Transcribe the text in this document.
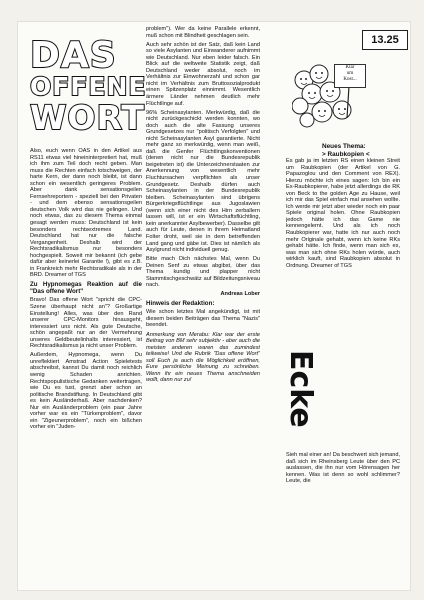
13.25
DAS
OFFENE
WORT

Also, euch wenn OAS in den Artikel aus RS11 etwas viel hineininterpretiert hat, muß ich ihm zum Teil doch recht geben. Man muss die Rechten einfach totschweigen, der harte Kern, der dann noch bleibt, ist dann schon ein wesentlich geringeres Problem. Aber dank sensationsgeilen Fernsehreportern - speziell bei den Privaten - und dem ebenso sensationsgeilen deutschen Volk wird das nie gelingen. Und noch etwas, das zu diesem Thema einmal gesagt werden muss: Deutschland ist kein besonders rechtsextremes Land. Deutschland hat nur die falsche Vergangenheit. Deshalb wird der Rechtsradikalismus nur besonders hochgespielt. Soweit mir bekannt (ich gebe dafür aber keinerlei Garantie !), gibt es z.B. in Frankreich mehr Rechtsradikale als in der BRD. Dreamer of TGS

Zu Hypnomegas Reaktion auf die "Das offene Wort"

Bravo! Das offene Wort "spricht die CPC-Szene überhaupt nicht an"? Großartige Einstellung! Alles, was über den Rand unserer CPC-Monitors hinausgeht, interessiert uns nicht. Als gute Deutsche, schön angepaßt nur an der Vermehrung unseres Geldbeutelinhalts interessiert, ist Rechtsradikalismus ja nicht unser Problem.

Außerdem, Hypnomega, wenn Du unreflektiert Amstrad Action Spieletests abschreibst, kannst Du damit noch reichlich wenig Schaden anrichten. Rechtspopulistische Gedanken weitertragen, wie Du es tust, grenzt aber schon an politische Brandstiftung. In Deutschland gibt es kein Ausländerhaß. Aber nachdenken? Nur ein Ausländerproblem (ein paar Jahre vorher war es ein "Türkenproblem", davor ein "Zigeunerproblem", noch ein bißchen vorher ein "Juden-

problem"). Wer da keine Parallele erkennt, muß schon mit Blindheit geschlagen sein.

Auch sehr schön ist der Satz, daß kein Land so viele Asylanten und Einwanderer aufnimmt wie Deutschland. Nur eben leider falsch. Ein Blick auf die weltweite Statistik zeigt, daß Deutschland weder absolut, noch im Verhältnis zur Einwohnerzahl und schon gar nicht im Verhältnis zum Bruttosozialprodukt einen Spitzenplatz einnimmt. Wesentlich ärmere Länder nehmen deutlich mehr Flüchtlinge auf.

96% Scheinasylanten. Merkwürdig, daß die nicht zurückgeschickt werden konnten, wo doch auch die alte Fassung unseres Grundgesetzes nur "politisch Verfolgten" und nicht Scheinasylanten Asyl garantierte. Nicht mehr ganz so merkwürdig, wenn man weiß, daß die Genfer Flüchtlingskonventionen (denen nicht nur die Bundesrepublik beigetreten ist) die Unterzeichnerstaaten zur Anerkennung von wesentlich mehr Fluchtursachen verpflichten als unser Grundgesetz. Deshalb dürfen auch Scheinasylanten in der Bundesrepublik bleiben. Scheinasylanten sind übrigens Bürgerkriegsflüchtlinge aus Jugoslawien (wenn sich einer nicht des Hirn zerballern lassen will, ist er ein Wirtschaftsflüchtling, kein anerkannter Asylbewerber). Dasselbe gilt auch für Leute, denen in ihrem Heimatland Folter droht, weil sie in dem betreffenden Land gang und gäbe ist. Dies ist nämlich als Asylgrund nicht individuell genug.

Bitte mach Dich nächstes Mal, wenn Du Deinen Senf zu etwas abgibst, über das Thema kundig und plapper nicht Stammtischgeschwätz auf Bildzeitungsniveau nach.

Andreas Lober

Hinweis der Redaktion:

Wie schon letztes Mal angekündigt, ist mit diesem beiden Beiträgen das Thema "Nazis" beendet.

Anmerkung von Merabu: Klar war der erste Beitrag von BM sehr subjektiv - aber auch die meisten anderen waren das zumindest teilweise! Und die Rubrik "Das offene Wort" soll Euch ja auch die Möglichkeit eröffnen, Eure persönliche Meinung zu schreiben. Wenn ihr ein neues Thema anschneiden wollt, dann nur zu!

Klar
um
Kost...
Neues Thema:
> Raubkopien <

Es gab ja im letzten RS einen kleinen Streit um Raubkopien (der Artikel von G. Papazoglou und den Comment von REX). Hierzu möchte ich eines sagen: Ich bin ein Ex-Raubkopierer, habe jetzt allerdings die RK von Beck to the golden Age zu Hause, weil ich mir das Spiel einfach mal ansehen wollte. Ich werde mir jetzt aber wieder noch ein paar Spiele original holen. Ohne Raubkopien jedoch hätte ich das Game nie kennengelernt. Und als ich noch Raubkopierer war, hatte ich nur auch noch mehr Originale gehabt, wenn ich keine RKs gehabt hätte. Ich finde, wenn man sich es, was man sich ohne RKs holen würde, auch wirklich kauft, sind Raubkopien absolut in Ordnung. Dreamer of TGS

Ecke

Sieh mal einer an! Da beschwert sich jemand, daß sich im Rheinsberg Leute über den PC auslassen, die ihn nur vom Hörensagen her kennen. Was ist denn so wohl schlimmer? Leute, die
